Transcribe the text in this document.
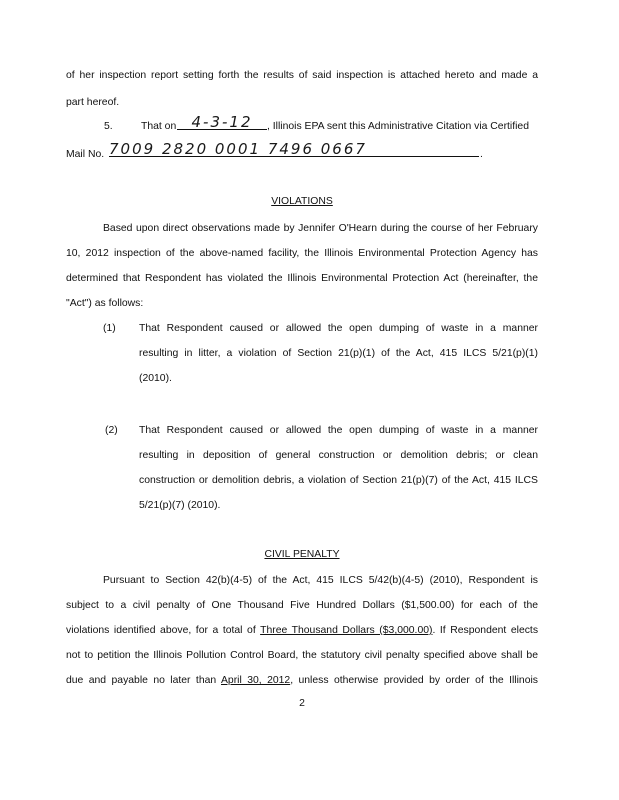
of her inspection report setting forth the results of said inspection is attached hereto and made a
part hereof.
5.	That on	4-3-12	, Illinois EPA sent this Administrative Citation via Certified
Mail No. 7009 2820 0001 7496 0667	.
VIOLATIONS
Based upon direct observations made by Jennifer O'Hearn during the course of her February
10, 2012 inspection of the above-named facility, the Illinois Environmental Protection Agency has
determined that Respondent has violated the Illinois Environmental Protection Act (hereinafter, the
"Act") as follows:
(1)	That Respondent caused or allowed the open dumping of waste in a manner
resulting in litter, a violation of Section 21(p)(1) of the Act, 415 ILCS 5/21(p)(1)
(2010).
(2)	That Respondent caused or allowed the open dumping of waste in a manner
resulting in deposition of general construction or demolition debris; or clean
construction or demolition debris, a violation of Section 21(p)(7) of the Act, 415 ILCS
5/21(p)(7) (2010).
CIVIL PENALTY
Pursuant to Section 42(b)(4-5) of the Act, 415 ILCS 5/42(b)(4-5) (2010), Respondent is
subject to a civil penalty of One Thousand Five Hundred Dollars ($1,500.00) for each of the
violations identified above, for a total of Three Thousand Dollars ($3,000.00). If Respondent elects
not to petition the Illinois Pollution Control Board, the statutory civil penalty specified above shall be
due and payable no later than April 30, 2012, unless otherwise provided by order of the Illinois
2
